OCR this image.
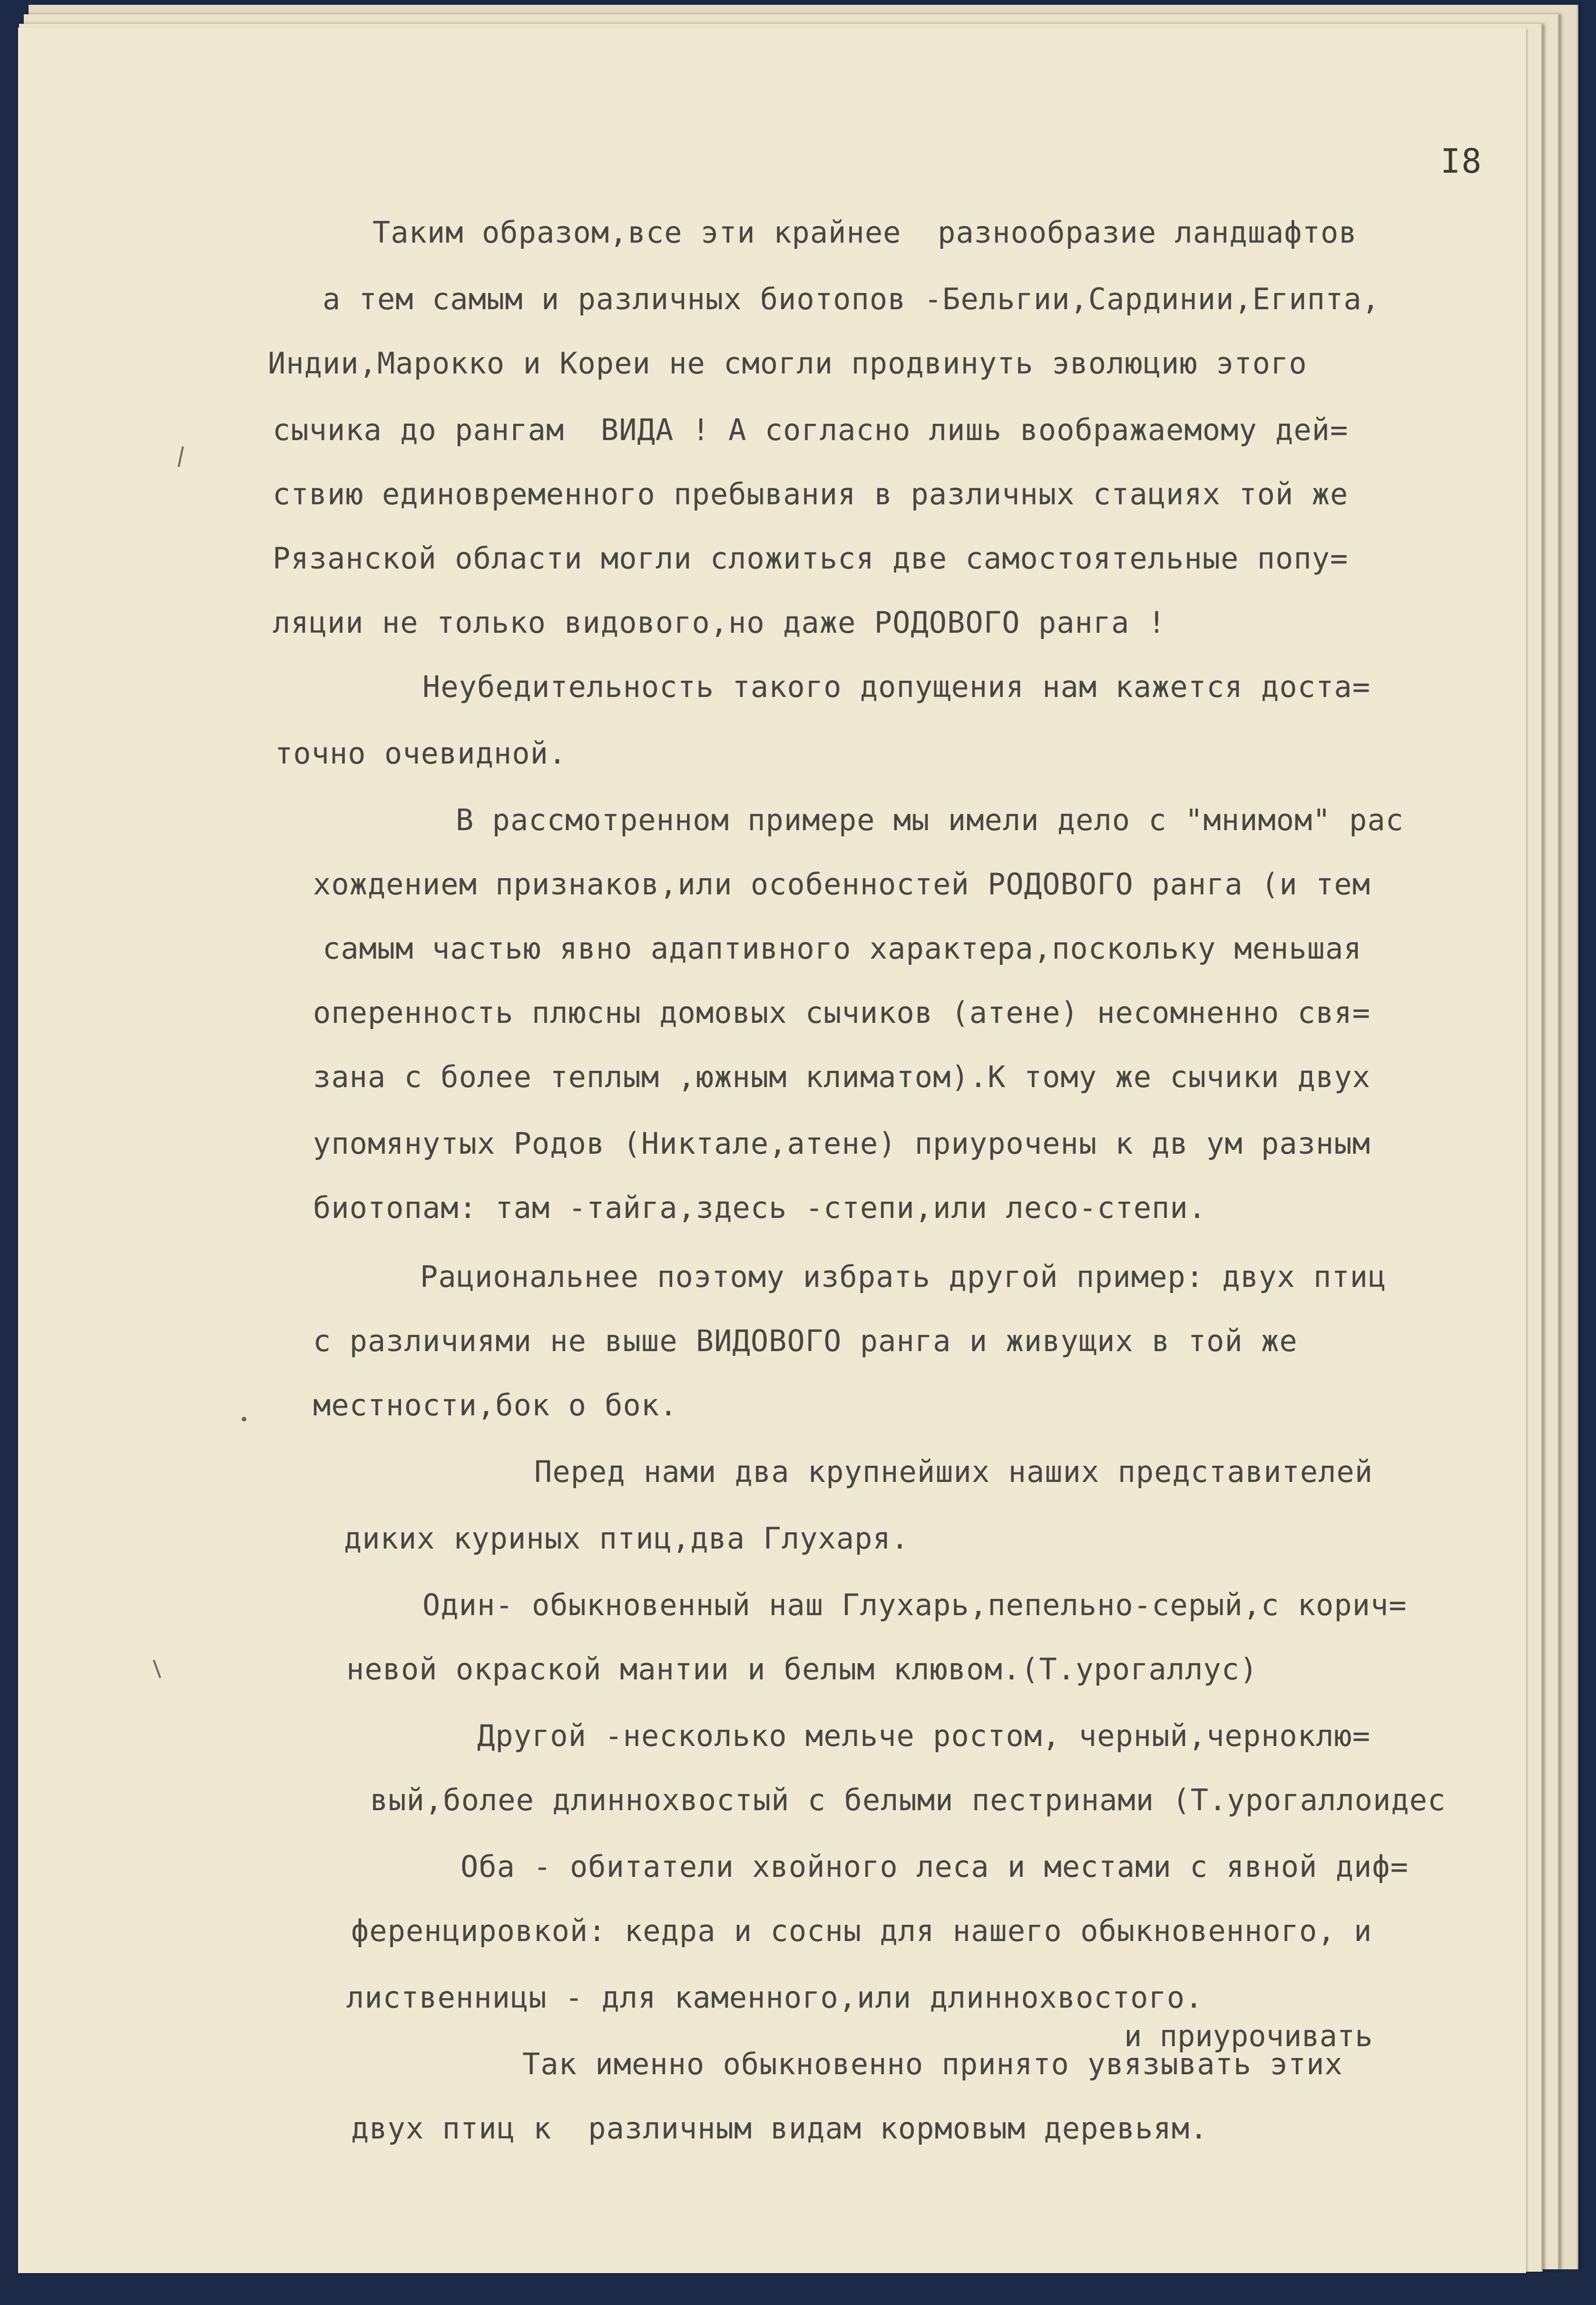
I8
Таким образом,все эти крайнее  разнообразие ландшафтов
а тем самым и различных биотопов -Бельгии,Сардинии,Египта,
Индии,Марокко и Кореи не смогли продвинуть эволюцию этого
сычика до рангам  ВИДА ! А согласно лишь воображаемому дей=
ствию единовременного пребывания в различных стациях той же
Рязанской области могли сложиться две самостоятельные попу=
ляции не только видового,но даже РОДОВОГО ранга !
Неубедительность такого допущения нам кажется доста=
точно очевидной.
В рассмотренном примере мы имели дело с "мнимом" рас
хождением признаков,или особенностей РОДОВОГО ранга (и тем
самым частью явно адаптивного характера,поскольку меньшая
оперенность плюсны домовых сычиков (атене) несомненно свя=
зана с более теплым ,южным климатом).К тому же сычики двух
упомянутых Родов (Никтале,атене) приурочены к дв ум разным
биотопам: там -тайга,здесь -степи,или лесо-степи.
Рациональнее поэтому избрать другой пример: двух птиц
с различиями не выше ВИДОВОГО ранга и живущих в той же
местности,бок о бок.
Перед нами два крупнейших наших представителей
диких куриных птиц,два Глухаря.
Один- обыкновенный наш Глухарь,пепельно-серый,с корич=
невой окраской мантии и белым клювом.(Т.урогаллус)
Другой -несколько мельче ростом, черный,черноклю=
вый,более длиннохвостый с белыми пестринами (Т.урогаллоидес
Оба - обитатели хвойного леса и местами с явной диф=
ференцировкой: кедра и сосны для нашего обыкновенного, и
лиственницы - для каменного,или длиннохвостого.
и приурочивать
Так именно обыкновенно принято увязывать этих
двух птиц к  различным видам кормовым деревьям.
